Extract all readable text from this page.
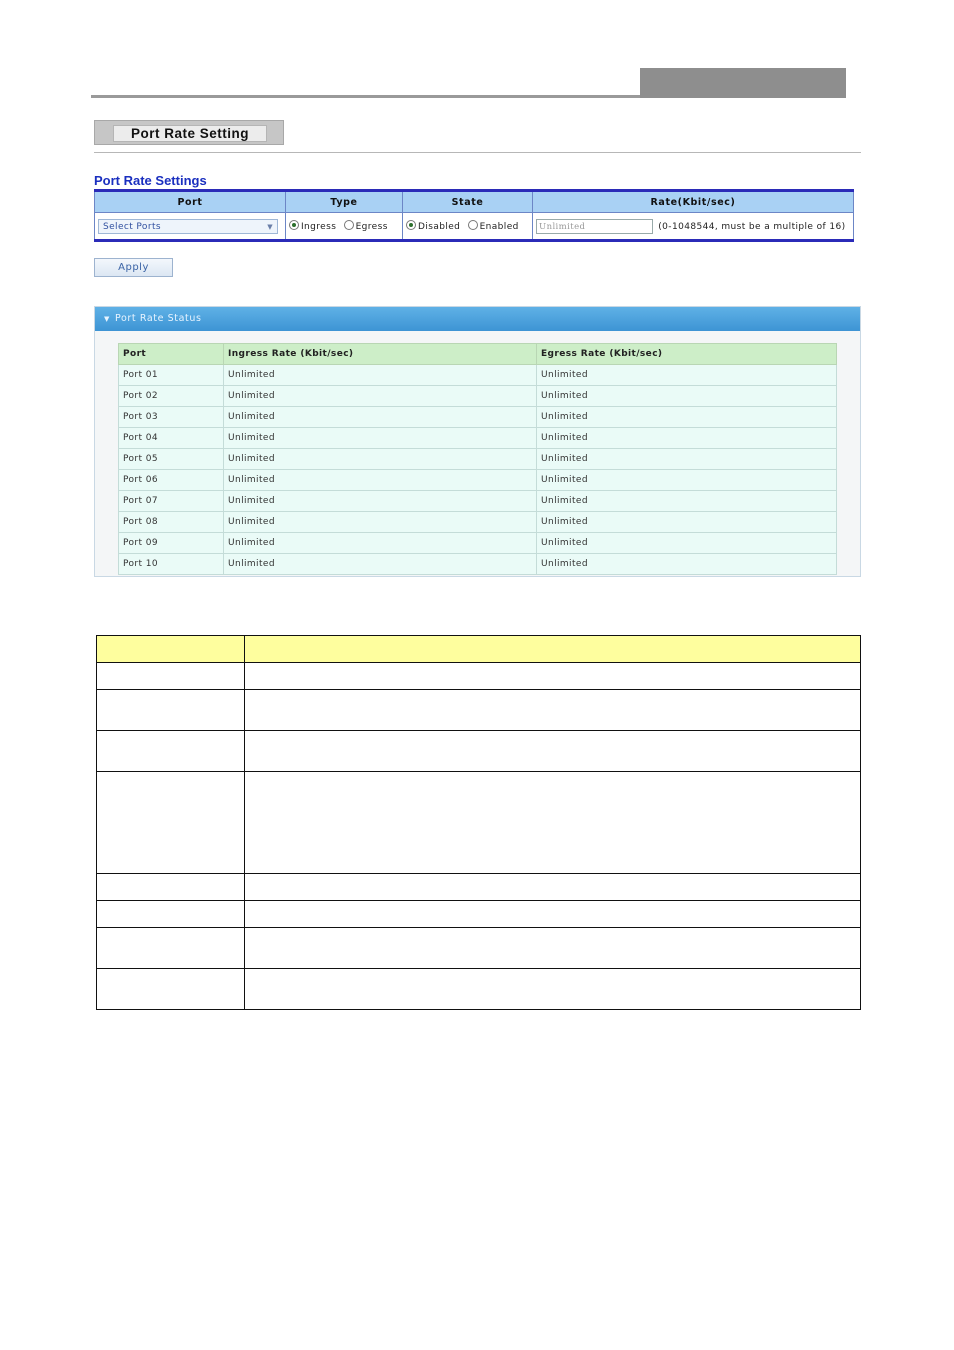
Port Rate Setting
Port Rate Settings
Port	Type	State	Rate(Kbit/sec)

Select Ports ▼	Ingress Egress	Disabled Enabled	Unlimited (0-1048544, must be a multiple of 16)
Apply
▼ Port Rate Status
Port	Ingress Rate (Kbit/sec)	Egress Rate (Kbit/sec)
Port 01	Unlimited	Unlimited
Port 02	Unlimited	Unlimited
Port 03	Unlimited	Unlimited
Port 04	Unlimited	Unlimited
Port 05	Unlimited	Unlimited
Port 06	Unlimited	Unlimited
Port 07	Unlimited	Unlimited
Port 08	Unlimited	Unlimited
Port 09	Unlimited	Unlimited
Port 10	Unlimited	Unlimited
